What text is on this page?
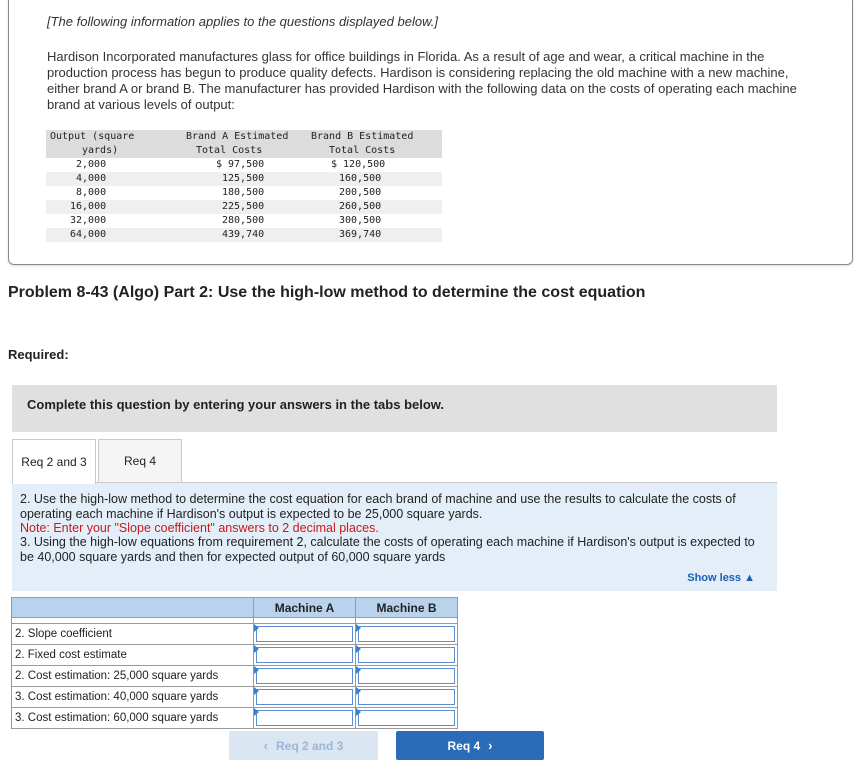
[The following information applies to the questions displayed below.]
Hardison Incorporated manufactures glass for office buildings in Florida. As a result of age and wear, a critical machine in the production process has begun to produce quality defects. Hardison is considering replacing the old machine with a new machine, either brand A or brand B. The manufacturer has provided Hardison with the following data on the costs of operating each machine brand at various levels of output:
Output (square	Brand A Estimated	Brand B Estimated
yards)	Total Costs	Total Costs
2,000	$ 97,500	$ 120,500
4,000	125,500	160,500
8,000	180,500	200,500
16,000	225,500	260,500
32,000	280,500	300,500
64,000	439,740	369,740
Problem 8-43 (Algo) Part 2: Use the high-low method to determine the cost equation
Required:
Complete this question by entering your answers in the tabs below.
Req 2 and 3	Req 4
2. Use the high-low method to determine the cost equation for each brand of machine and use the results to calculate the costs of operating each machine if Hardison's output is expected to be 25,000 square yards.
Note: Enter your "Slope coefficient" answers to 2 decimal places.
3. Using the high-low equations from requirement 2, calculate the costs of operating each machine if Hardison's output is expected to be 40,000 square yards and then for expected output of 60,000 square yards
Show less ▲
	Machine A	Machine B

2. Slope coefficient	

2. Fixed cost estimate	

2. Cost estimation: 25,000 square yards	

3. Cost estimation: 40,000 square yards	

3. Cost estimation: 60,000 square yards	

‹ Req 2 and 3	Req 4 ›
